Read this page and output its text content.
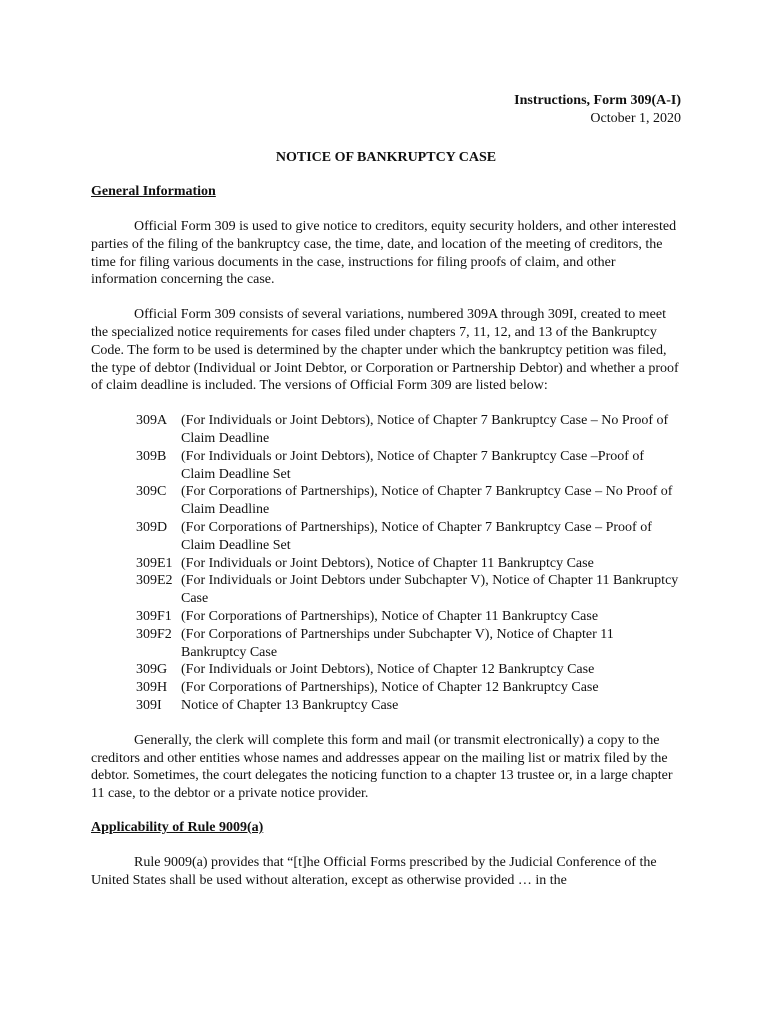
Instructions, Form 309(A-I)
October 1, 2020
NOTICE OF BANKRUPTCY CASE
General Information

Official Form 309 is used to give notice to creditors, equity security holders, and other interested parties of the filing of the bankruptcy case, the time, date, and location of the meeting of creditors, the time for filing various documents in the case, instructions for filing proofs of claim, and other information concerning the case.

Official Form 309 consists of several variations, numbered 309A through 309I, created to meet the specialized notice requirements for cases filed under chapters 7, 11, 12, and 13 of the Bankruptcy Code. The form to be used is determined by the chapter under which the bankruptcy petition was filed, the type of debtor (Individual or Joint Debtor, or Corporation or Partnership Debtor) and whether a proof of claim deadline is included. The versions of Official Form 309 are listed below:

309A (For Individuals or Joint Debtors), Notice of Chapter 7 Bankruptcy Case – No Proof of Claim Deadline
309B	(For Individuals or Joint Debtors), Notice of Chapter 7 Bankruptcy Case –Proof of Claim Deadline Set
309C	(For Corporations of Partnerships), Notice of Chapter 7 Bankruptcy Case – No Proof of Claim Deadline
309D (For Corporations of Partnerships), Notice of Chapter 7 Bankruptcy Case – Proof of Claim Deadline Set
309E1 (For Individuals or Joint Debtors), Notice of Chapter 11 Bankruptcy Case
309E2 (For Individuals or Joint Debtors under Subchapter V), Notice of Chapter 11 Bankruptcy Case
309F1 (For Corporations of Partnerships), Notice of Chapter 11 Bankruptcy Case
309F2 (For Corporations of Partnerships under Subchapter V), Notice of Chapter 11 Bankruptcy Case
309G (For Individuals or Joint Debtors), Notice of Chapter 12 Bankruptcy Case
309H (For Corporations of Partnerships), Notice of Chapter 12 Bankruptcy Case
309I	Notice of Chapter 13 Bankruptcy Case

Generally, the clerk will complete this form and mail (or transmit electronically) a copy to the creditors and other entities whose names and addresses appear on the mailing list or matrix filed by the debtor. Sometimes, the court delegates the noticing function to a chapter 13 trustee or, in a large chapter 11 case, to the debtor or a private notice provider.

Applicability of Rule 9009(a)

Rule 9009(a) provides that “[t]he Official Forms prescribed by the Judicial Conference of the United States shall be used without alteration, except as otherwise provided … in the
